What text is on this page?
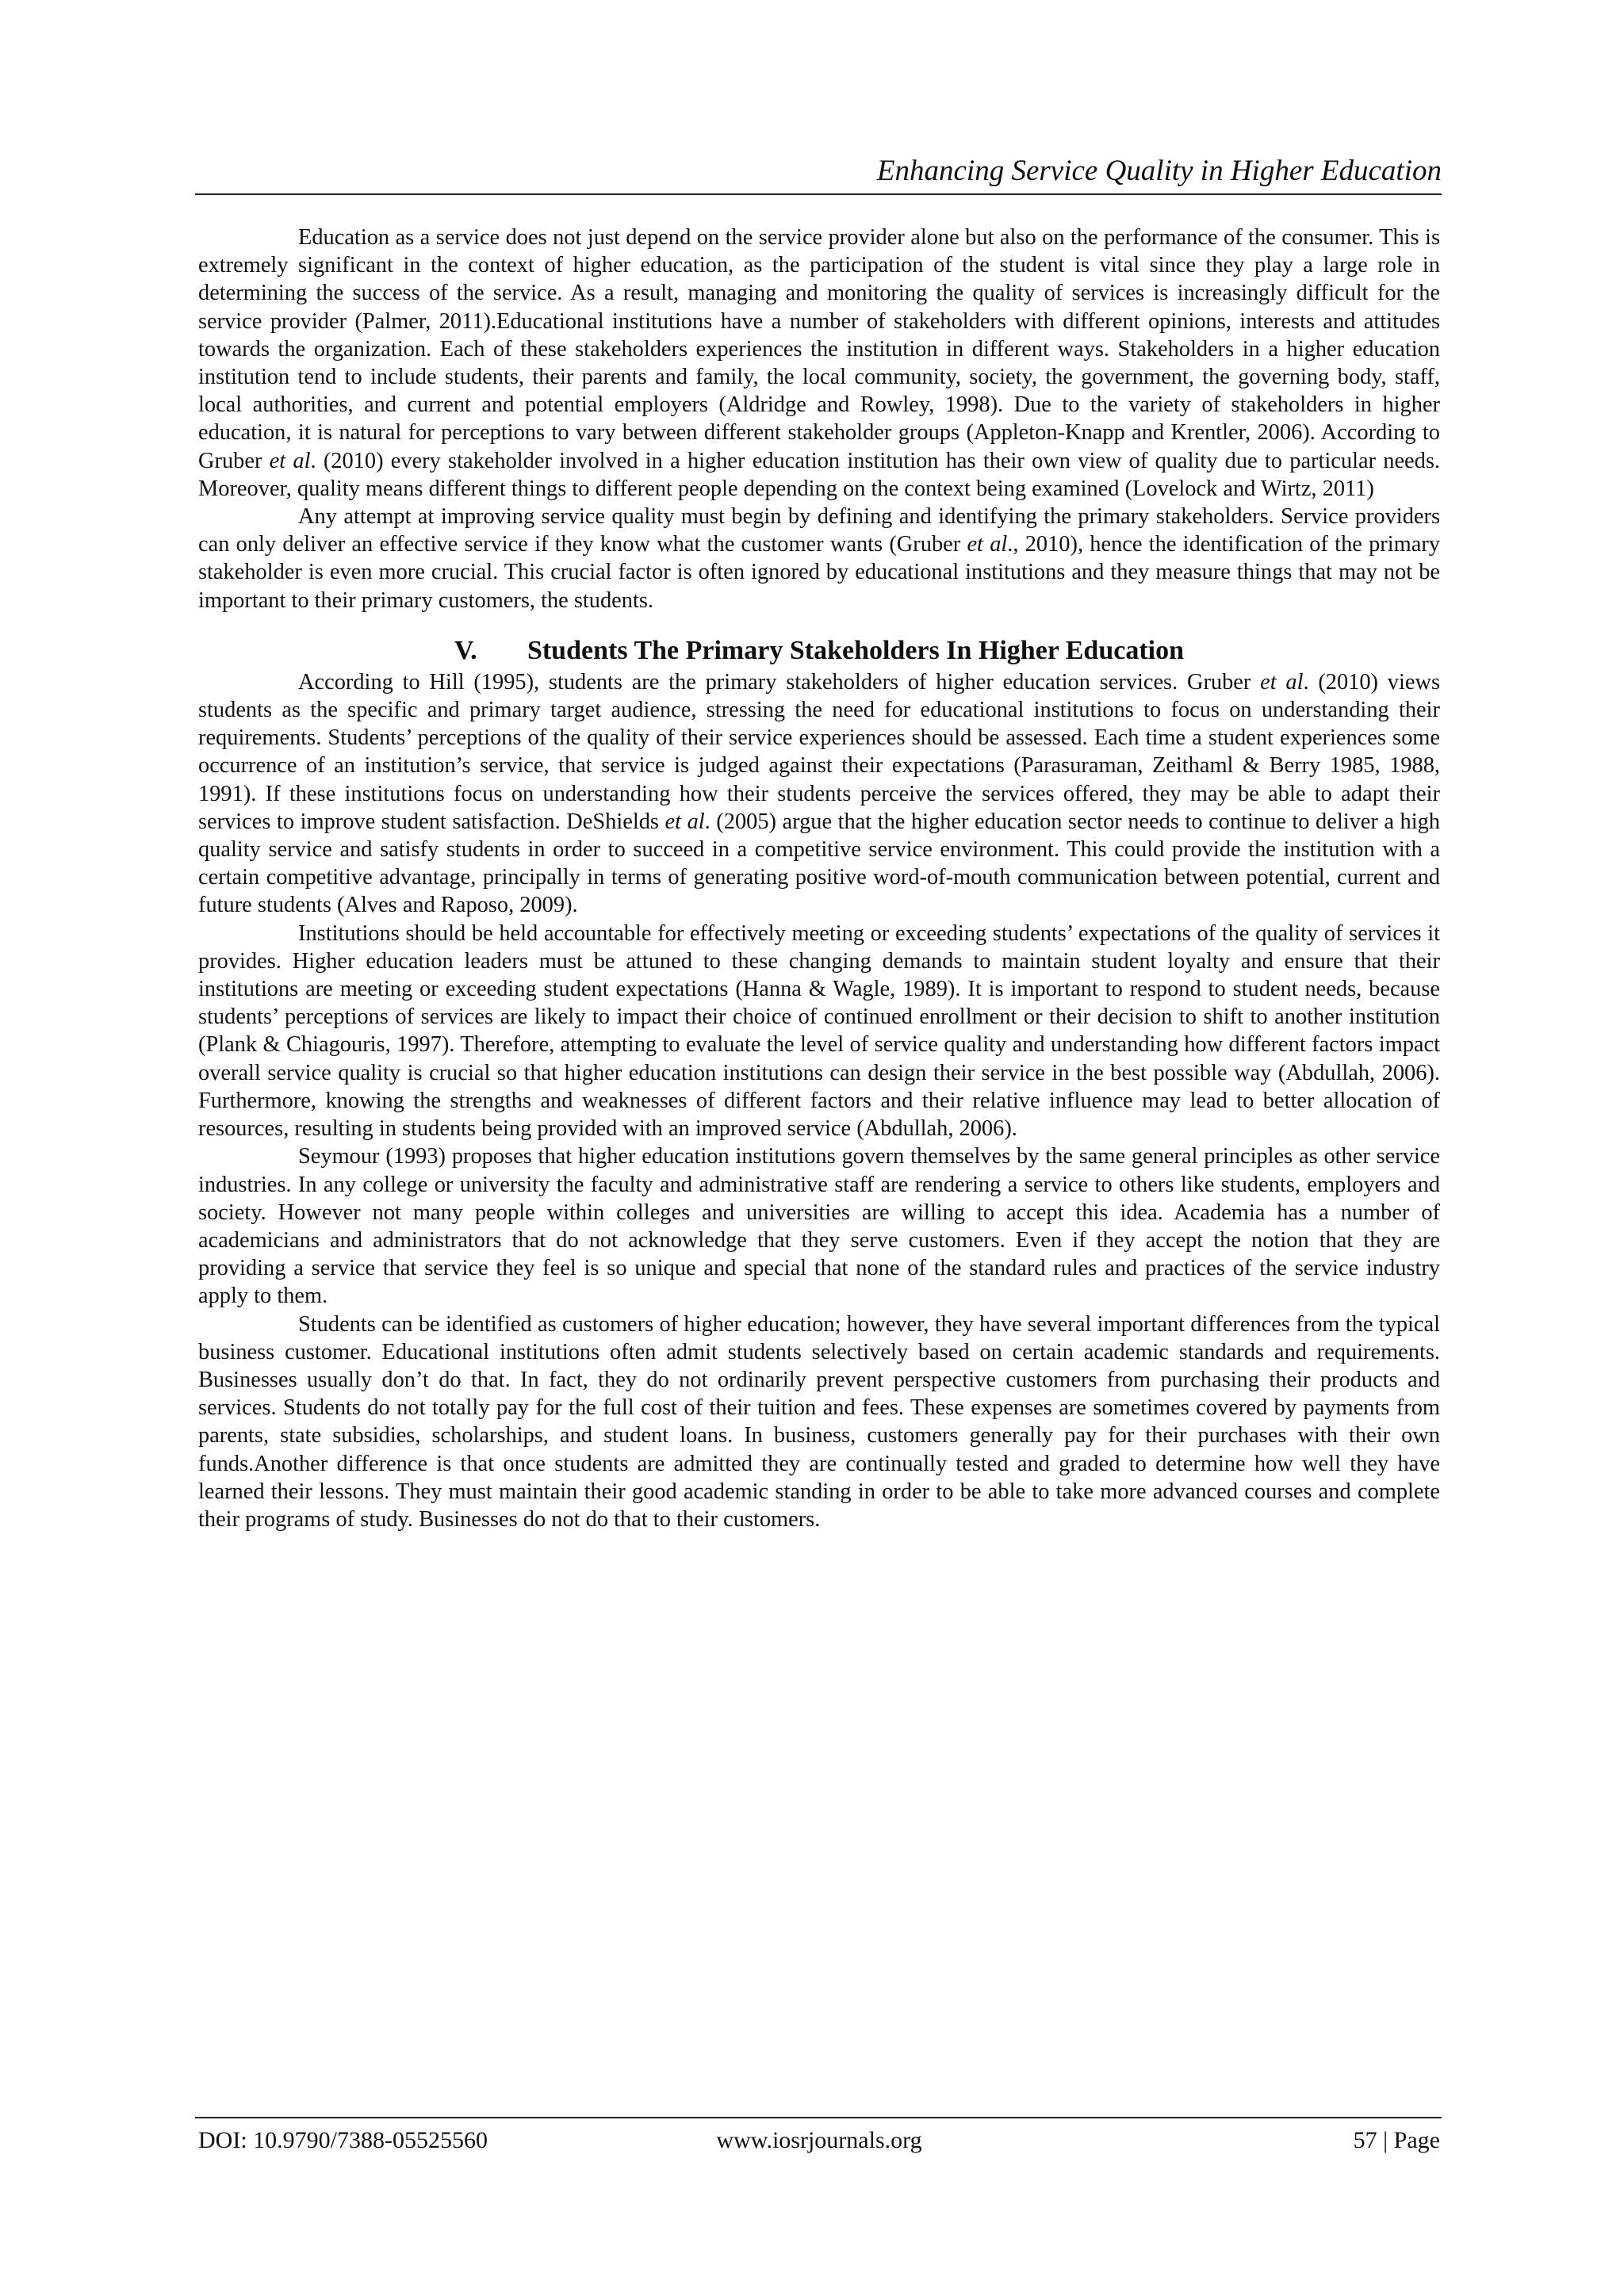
Enhancing Service Quality in Higher Education

Education as a service does not just depend on the service provider alone but also on the performance of the consumer. This is extremely significant in the context of higher education, as the participation of the student is vital since they play a large role in determining the success of the service. As a result, managing and monitoring the quality of services is increasingly difficult for the service provider (Palmer, 2011).Educational institutions have a number of stakeholders with different opinions, interests and attitudes towards the organization. Each of these stakeholders experiences the institution in different ways. Stakeholders in a higher education institution tend to include students, their parents and family, the local community, society, the government, the governing body, staff, local authorities, and current and potential employers (Aldridge and Rowley, 1998). Due to the variety of stakeholders in higher education, it is natural for perceptions to vary between different stakeholder groups (Appleton-Knapp and Krentler, 2006). According to Gruber et al. (2010) every stakeholder involved in a higher education institution has their own view of quality due to particular needs. Moreover, quality means different things to different people depending on the context being examined (Lovelock and Wirtz, 2011)

Any attempt at improving service quality must begin by defining and identifying the primary stakeholders. Service providers can only deliver an effective service if they know what the customer wants (Gruber et al., 2010), hence the identification of the primary stakeholder is even more crucial. This crucial factor is often ignored by educational institutions and they measure things that may not be important to their primary customers, the students.

V. Students The Primary Stakeholders In Higher Education

According to Hill (1995), students are the primary stakeholders of higher education services. Gruber et al. (2010) views students as the specific and primary target audience, stressing the need for educational institutions to focus on understanding their requirements. Students’ perceptions of the quality of their service experiences should be assessed. Each time a student experiences some occurrence of an institution’s service, that service is judged against their expectations (Parasuraman, Zeithaml & Berry 1985, 1988, 1991). If these institutions focus on understanding how their students perceive the services offered, they may be able to adapt their services to improve student satisfaction. DeShields et al. (2005) argue that the higher education sector needs to continue to deliver a high quality service and satisfy students in order to succeed in a competitive service environment. This could provide the institution with a certain competitive advantage, principally in terms of generating positive word-of-mouth communication between potential, current and future students (Alves and Raposo, 2009).

Institutions should be held accountable for effectively meeting or exceeding students’ expectations of the quality of services it provides. Higher education leaders must be attuned to these changing demands to maintain student loyalty and ensure that their institutions are meeting or exceeding student expectations (Hanna & Wagle, 1989). It is important to respond to student needs, because students’ perceptions of services are likely to impact their choice of continued enrollment or their decision to shift to another institution (Plank & Chiagouris, 1997). Therefore, attempting to evaluate the level of service quality and understanding how different factors impact overall service quality is crucial so that higher education institutions can design their service in the best possible way (Abdullah, 2006). Furthermore, knowing the strengths and weaknesses of different factors and their relative influence may lead to better allocation of resources, resulting in students being provided with an improved service (Abdullah, 2006).

Seymour (1993) proposes that higher education institutions govern themselves by the same general principles as other service industries. In any college or university the faculty and administrative staff are rendering a service to others like students, employers and society. However not many people within colleges and universities are willing to accept this idea. Academia has a number of academicians and administrators that do not acknowledge that they serve customers. Even if they accept the notion that they are providing a service that service they feel is so unique and special that none of the standard rules and practices of the service industry apply to them.

Students can be identified as customers of higher education; however, they have several important differences from the typical business customer. Educational institutions often admit students selectively based on certain academic standards and requirements. Businesses usually don’t do that. In fact, they do not ordinarily prevent perspective customers from purchasing their products and services. Students do not totally pay for the full cost of their tuition and fees. These expenses are sometimes covered by payments from parents, state subsidies, scholarships, and student loans. In business, customers generally pay for their purchases with their own funds.Another difference is that once students are admitted they are continually tested and graded to determine how well they have learned their lessons. They must maintain their good academic standing in order to be able to take more advanced courses and complete their programs of study. Businesses do not do that to their customers.

DOI: 10.9790/7388-05525560	www.iosrjournals.org	57 | Page
